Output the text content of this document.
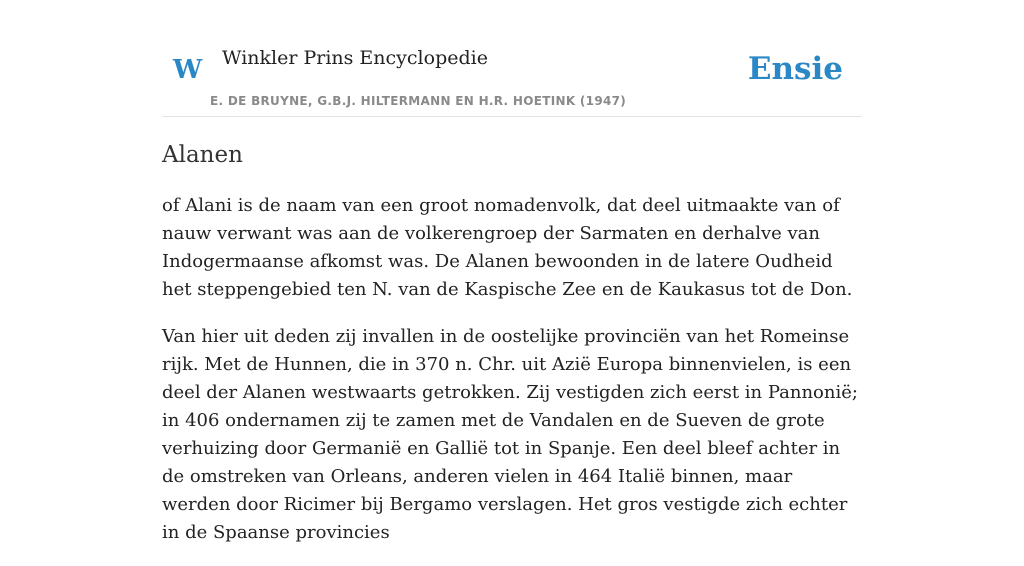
W Winkler Prins Encyclopedie
E. DE BRUYNE, G.B.J. HILTERMANN EN H.R. HOETINK (1947)
Ensie
Alanen

of Alani is de naam van een groot nomadenvolk, dat deel uitmaakte van of nauw verwant was aan de volkerengroep der Sarmaten en derhalve van Indogermaanse afkomst was. De Alanen bewoonden in de latere Oudheid het steppengebied ten N. van de Kaspische Zee en de Kaukasus tot de Don.

Van hier uit deden zij invallen in de oostelijke provinciën van het Romeinse rijk. Met de Hunnen, die in 370 n. Chr. uit Azië Europa binnenvielen, is een deel der Alanen westwaarts getrokken. Zij vestigden zich eerst in Pannonië; in 406 ondernamen zij te zamen met de Vandalen en de Sueven de grote verhuizing door Germanië en Gallië tot in Spanje. Een deel bleef achter in de omstreken van Orleans, anderen vielen in 464 Italië binnen, maar werden door Ricimer bij Bergamo verslagen. Het gros vestigde zich echter in de Spaanse provincies
